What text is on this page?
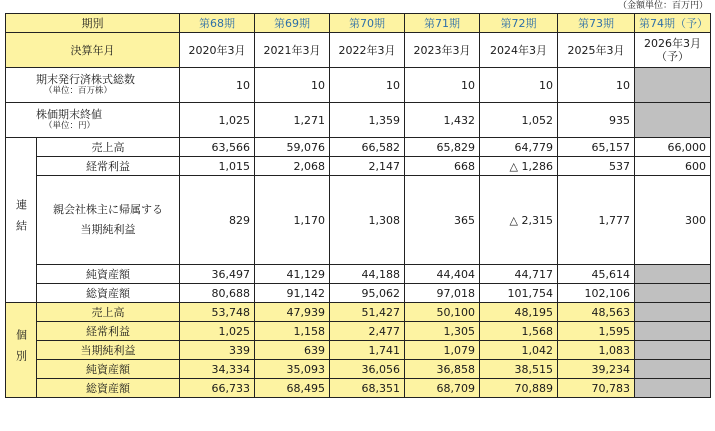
（金額単位：百万円）
期別		第68期	第69期	第70期	第71期	第72期	第73期	第74期（予）
決算年月		2020年3月	2021年3月	2022年3月	2023年3月	2024年3月	2025年3月	2026年3月
（予）

期末発行済株式総数
（単位：百万株）		10	10	10	10	10	10	

株価期末終値
（単位：円）		1,025	1,271	1,359	1,432	1,052	935	
連結	売上高	63,566	59,076	66,582	65,829	64,779	65,157	66,000
	経常利益	1,015	2,068	2,147	668	△ 1,286	537	600

	親会社株主に帰属する
当期純利益	829	1,170	1,308	365	△ 2,315	1,777	300
	純資産額	36,497	41,129	44,188	44,404	44,717	45,614	
	総資産額	80,688	91,142	95,062	97,018	101,754	102,106	
個別	売上高	53,748	47,939	51,427	50,100	48,195	48,563	
	経常利益	1,025	1,158	2,477	1,305	1,568	1,595	
	当期純利益	339	639	1,741	1,079	1,042	1,083	
	純資産額	34,334	35,093	36,056	36,858	38,515	39,234	
	総資産額	66,733	68,495	68,351	68,709	70,889	70,783	
